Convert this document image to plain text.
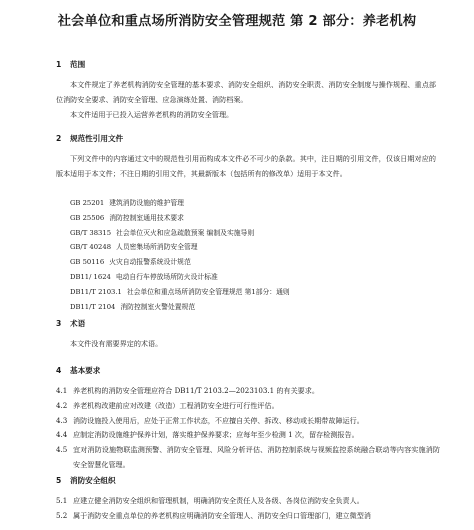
社会单位和重点场所消防安全管理规范 第 2 部分：养老机构
1 范围
本文件规定了养老机构消防安全管理的基本要求、消防安全组织、消防安全职责、消防安全制度与操作规程、重点部位消防安全要求、消防安全管理、应急演练处置、消防档案。
本文件适用于已投入运营养老机构的消防安全管理。
2 规范性引用文件
下列文件中的内容通过文中的规范性引用而构成本文件必不可少的条款。其中，注日期的引用文件，仅该日期对应的版本适用于本文件；不注日期的引用文件，其最新版本（包括所有的修改单）适用于本文件。
GB 25201 建筑消防设施的维护管理
GB 25506 消防控制室通用技术要求
GB/T 38315 社会单位灭火和应急疏散预案 编制及实施导则
GB/T 40248 人员密集场所消防安全管理
GB 50116 火灾自动报警系统设计规范
DB11/ 1624 电动自行车停放场所防火设计标准
DB11/T 2103.1 社会单位和重点场所消防安全管理规范 第1部分：通则
DB11/T 2104 消防控制室火警处置规范
3 术语
本文件没有需要界定的术语。
4 基本要求
4.1 养老机构的消防安全管理应符合 DB11/T 2103.2—2023103.1 的有关要求。
4.2 养老机构改建前应对改建（改造）工程消防安全进行可行性评估。
4.3 消防设施投入使用后，应处于正常工作状态，不应擅自关停、拆改、移动或长期带故障运行。
4.4 应制定消防设施维护保养计划，落实维护保养要求；应每年至少检测 1 次，留存检测报告。
4.5 宜对消防设施物联监测预警、消防安全管理、风险分析评估、消防控制系统与视频监控系统融合联动等内容实施消防安全智慧化管理。
5 消防安全组织
5.1 应建立健全消防安全组织和管理机制，明确消防安全责任人及各级、各岗位消防安全负责人。
5.2 属于消防安全重点单位的养老机构应明确消防安全管理人、消防安全归口管理部门，建立微型消
